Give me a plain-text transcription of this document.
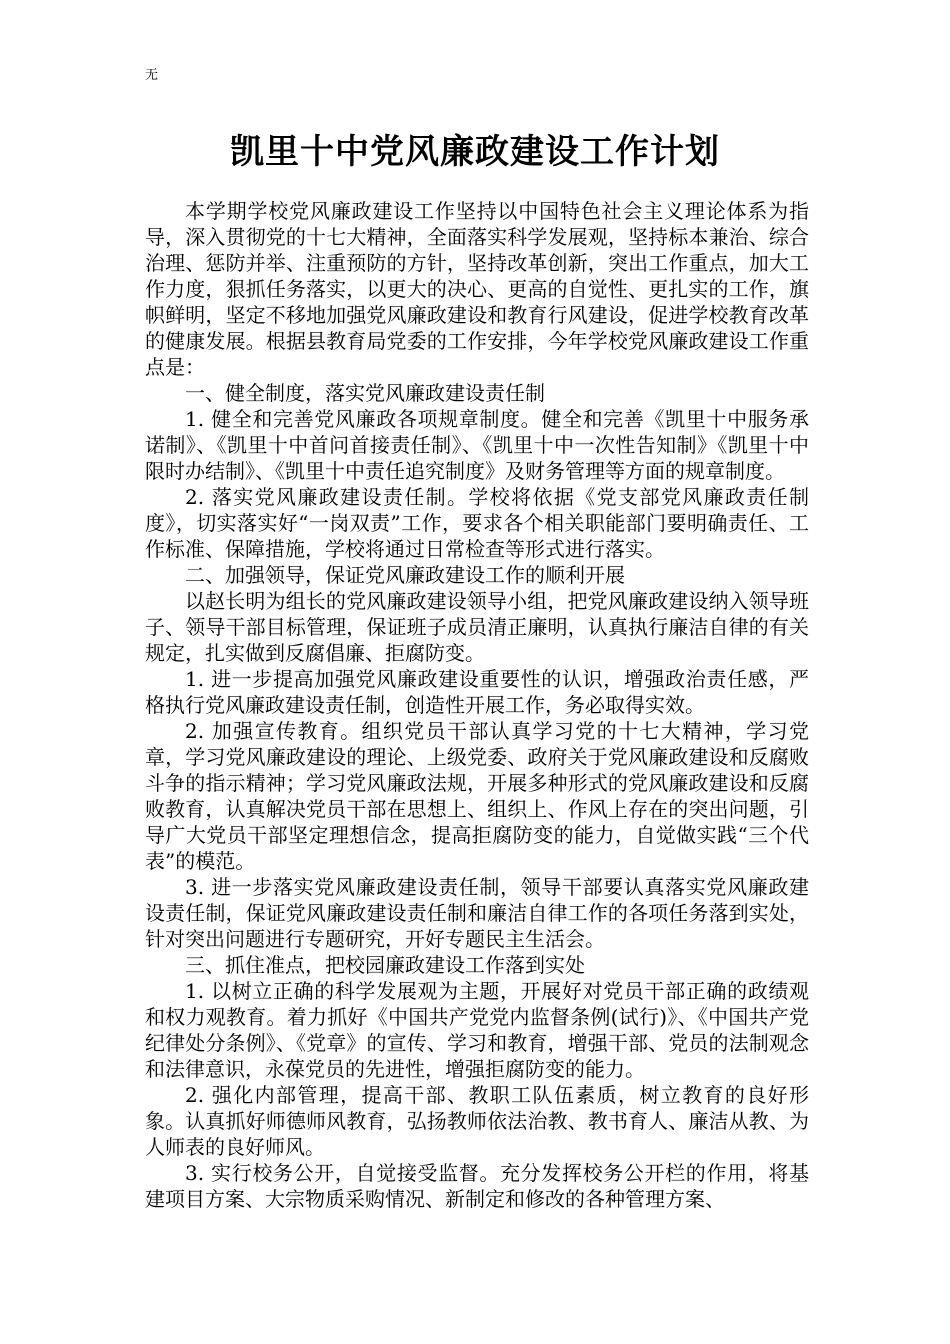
无
凯里十中党风廉政建设工作计划

本学期学校党风廉政建设工作坚持以中国特色社会主义理论体系为指导，深入贯彻党的十七大精神，全面落实科学发展观，坚持标本兼治、综合治理、惩防并举、注重预防的方针，坚持改革创新，突出工作重点，加大工作力度，狠抓任务落实，以更大的决心、更高的自觉性、更扎实的工作，旗帜鲜明，坚定不移地加强党风廉政建设和教育行风建设，促进学校教育改革的健康发展。根据县教育局党委的工作安排，今年学校党风廉政建设工作重点是：

一、健全制度，落实党风廉政建设责任制

1. 健全和完善党风廉政各项规章制度。健全和完善《凯里十中服务承诺制》、《凯里十中首问首接责任制》、《凯里十中一次性告知制》《凯里十中限时办结制》、《凯里十中责任追究制度》及财务管理等方面的规章制度。

2. 落实党风廉政建设责任制。学校将依据《党支部党风廉政责任制度》，切实落实好“一岗双责”工作，要求各个相关职能部门要明确责任、工作标准、保障措施，学校将通过日常检查等形式进行落实。

二、加强领导，保证党风廉政建设工作的顺利开展

以赵长明为组长的党风廉政建设领导小组，把党风廉政建设纳入领导班子、领导干部目标管理，保证班子成员清正廉明，认真执行廉洁自律的有关规定，扎实做到反腐倡廉、拒腐防变。

1. 进一步提高加强党风廉政建设重要性的认识，增强政治责任感，严格执行党风廉政建设责任制，创造性开展工作，务必取得实效。

2. 加强宣传教育。组织党员干部认真学习党的十七大精神，学习党章，学习党风廉政建设的理论、上级党委、政府关于党风廉政建设和反腐败斗争的指示精神；学习党风廉政法规，开展多种形式的党风廉政建设和反腐败教育，认真解决党员干部在思想上、组织上、作风上存在的突出问题，引导广大党员干部坚定理想信念，提高拒腐防变的能力，自觉做实践“三个代表”的模范。

3. 进一步落实党风廉政建设责任制，领导干部要认真落实党风廉政建设责任制，保证党风廉政建设责任制和廉洁自律工作的各项任务落到实处，针对突出问题进行专题研究，开好专题民主生活会。

三、抓住准点，把校园廉政建设工作落到实处

1. 以树立正确的科学发展观为主题，开展好对党员干部正确的政绩观和权力观教育。着力抓好《中国共产党党内监督条例(试行)》、《中国共产党纪律处分条例》、《党章》的宣传、学习和教育，增强干部、党员的法制观念和法律意识，永葆党员的先进性，增强拒腐防变的能力。

2. 强化内部管理，提高干部、教职工队伍素质，树立教育的良好形象。认真抓好师德师风教育，弘扬教师依法治教、教书育人、廉洁从教、为人师表的良好师风。

3. 实行校务公开，自觉接受监督。充分发挥校务公开栏的作用，将基建项目方案、大宗物质采购情况、新制定和修改的各种管理方案、
